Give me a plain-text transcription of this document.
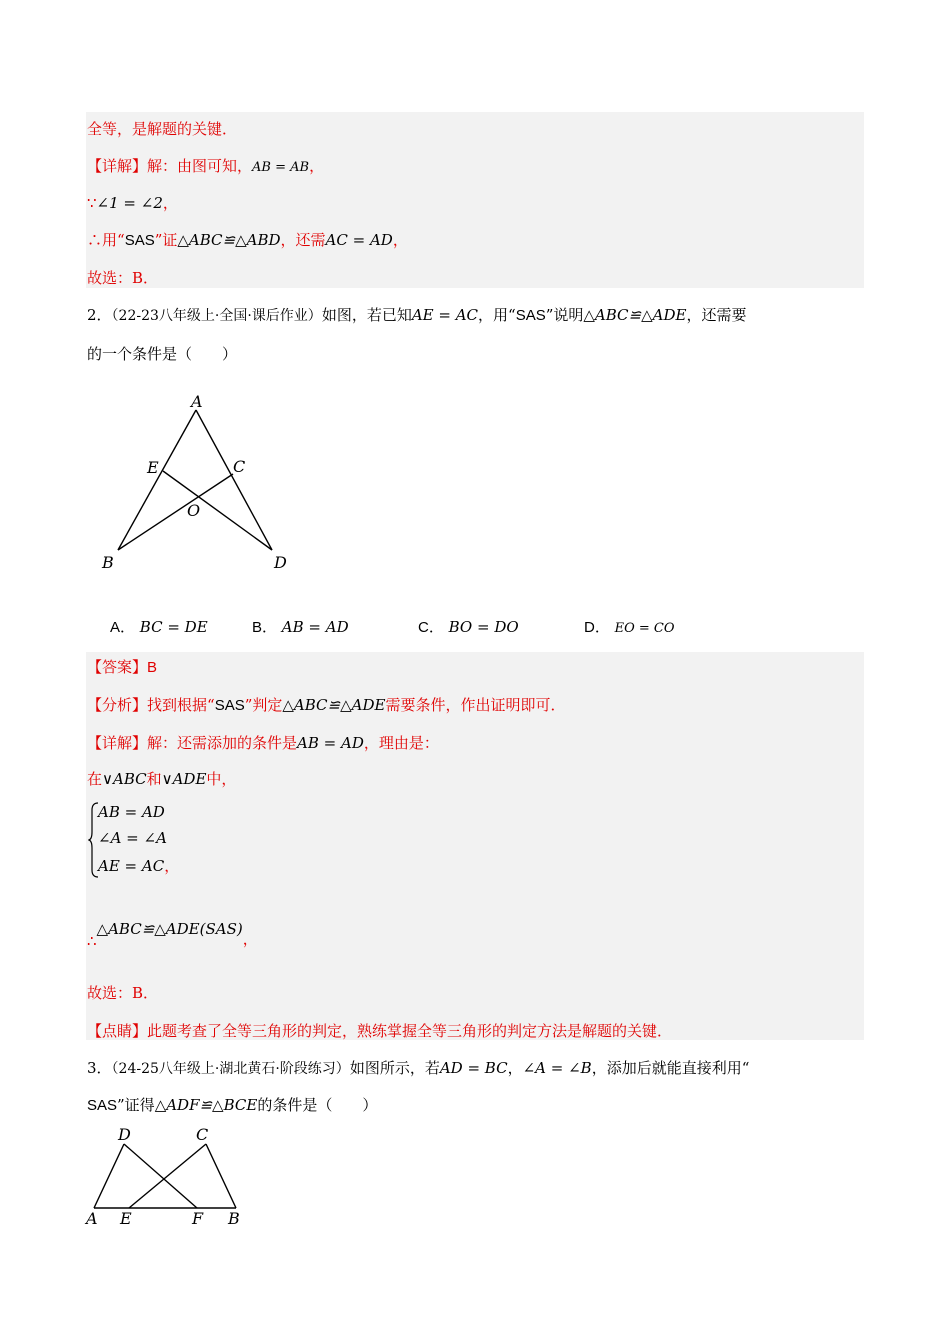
全等，是解题的关键．
【详解】解：由图可知，AB = AB，
∵∠1 = ∠2，
∴用“SAS”证△ABC≌△ABD，还需AC = AD，
故选：B．
2．（22-23八年级上·全国·课后作业）如图，若已知AE = AC，用“SAS”说明△ABC≌△ADE，还需要
的一个条件是（　　）
A
E	C
O
B	D
A． BC = DE	B． AB = AD	C． BO = DO	D． EO = CO
【答案】B
【分析】找到根据“SAS”判定△ABC≌△ADE需要条件，作出证明即可．
【详解】解：还需添加的条件是AB = AD，理由是：
在∨ABC和∨ADE中，
AB = AD
∠A = ∠A
AE = AC，
∴△ABC≌△ADE(SAS)，
故选：B．
【点睛】此题考查了全等三角形的判定，熟练掌握全等三角形的判定方法是解题的关键．
3．（24-25八年级上·湖北黄石·阶段练习）如图所示，若AD = BC，∠A = ∠B，添加后就能直接利用“
SAS”证得△ADF≌△BCE的条件是（　　）
D	C
A E	F B
